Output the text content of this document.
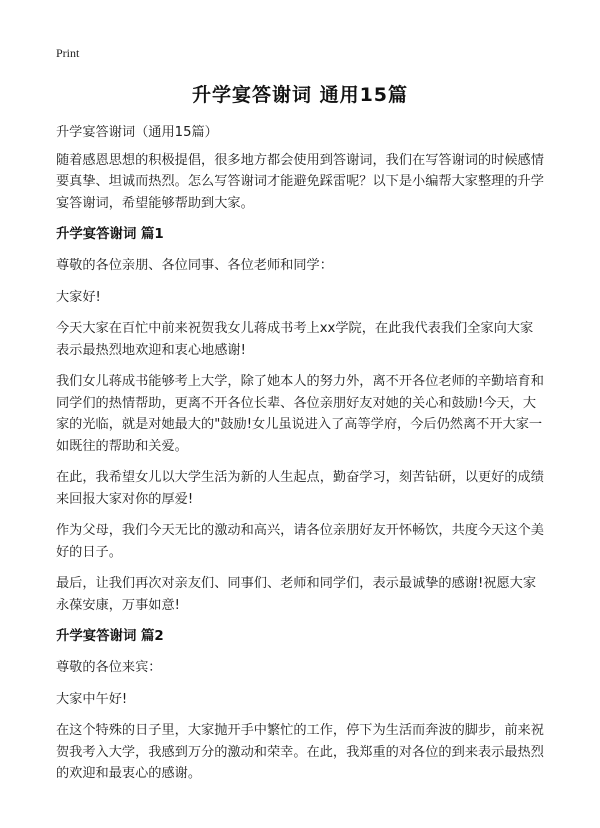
Print
升学宴答谢词 通用15篇
升学宴答谢词（通用15篇）
随着感恩思想的积极提倡，很多地方都会使用到答谢词，我们在写答谢词的时候感情要真挚、坦诚而热烈。怎么写答谢词才能避免踩雷呢？以下是小编帮大家整理的升学宴答谢词，希望能够帮助到大家。
升学宴答谢词 篇1
尊敬的各位亲朋、各位同事、各位老师和同学：
大家好!
今天大家在百忙中前来祝贺我女儿蒋成书考上xx学院，在此我代表我们全家向大家表示最热烈地欢迎和衷心地感谢!
我们女儿蒋成书能够考上大学，除了她本人的努力外，离不开各位老师的辛勤培育和同学们的热情帮助，更离不开各位长辈、各位亲朋好友对她的关心和鼓励!今天，大家的光临，就是对她最大的"鼓励!女儿虽说进入了高等学府，今后仍然离不开大家一如既往的帮助和关爱。
在此，我希望女儿以大学生活为新的人生起点，勤奋学习，刻苦钻研，以更好的成绩来回报大家对你的厚爱!
作为父母，我们今天无比的激动和高兴，请各位亲朋好友开怀畅饮，共度今天这个美好的日子。
最后，让我们再次对亲友们、同事们、老师和同学们，表示最诚挚的感谢!祝愿大家永葆安康，万事如意!
升学宴答谢词 篇2
尊敬的各位来宾：
大家中午好!
在这个特殊的日子里，大家抛开手中繁忙的工作，停下为生活而奔波的脚步，前来祝贺我考入大学，我感到万分的激动和荣幸。在此，我郑重的对各位的到来表示最热烈的欢迎和最衷心的感谢。
